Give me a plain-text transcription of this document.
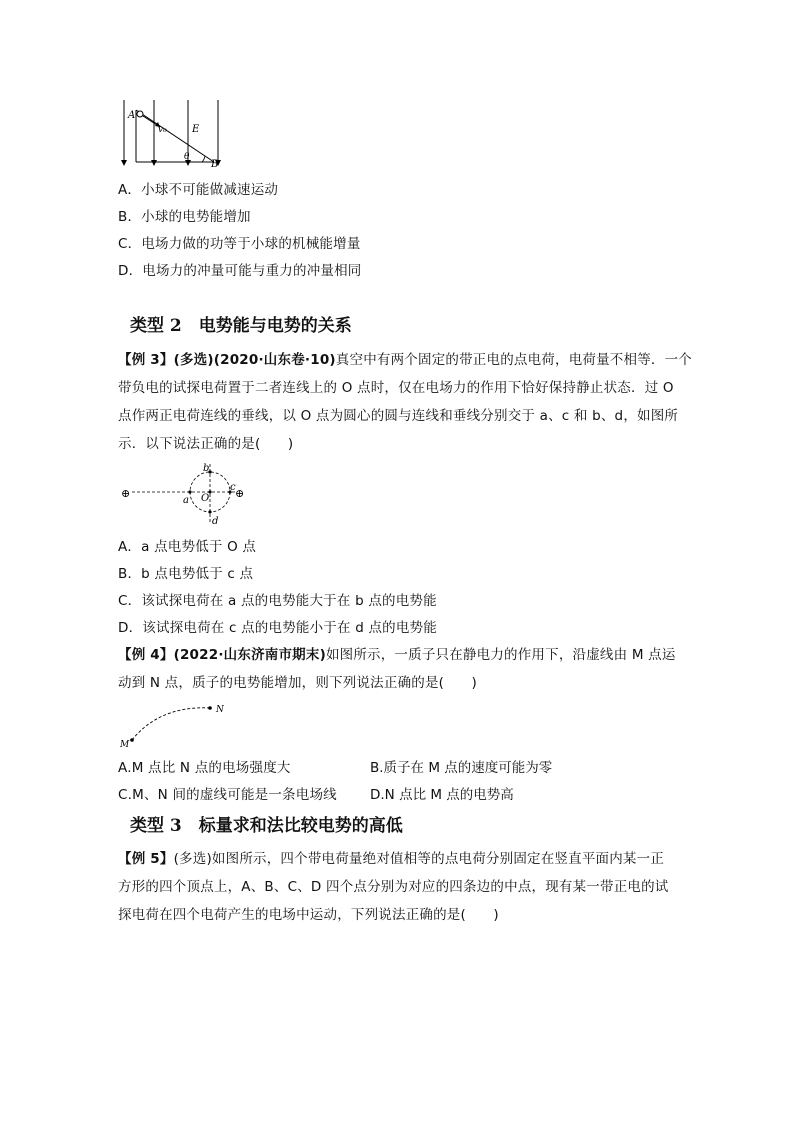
A
v₀	E
θ
B
A．小球不可能做减速运动
B．小球的电势能增加
C．电场力做的功等于小球的机械能增量
D．电场力的冲量可能与重力的冲量相同
类型 2　电势能与电势的关系
【例 3】(多选)(2020·山东卷·10)真空中有两个固定的带正电的点电荷，电荷量不相等．一个
带负电的试探电荷置于二者连线上的 O 点时，仅在电场力的作用下恰好保持静止状态．过 O
点作两正电荷连线的垂线，以 O 点为圆心的圆与连线和垂线分别交于 a、c 和 b、d，如图所
示．以下说法正确的是(　　)
⊕	⊕
a
b
c
d
O
A．a 点电势低于 O 点
B．b 点电势低于 c 点
C．该试探电荷在 a 点的电势能大于在 b 点的电势能
D．该试探电荷在 c 点的电势能小于在 d 点的电势能
【例 4】(2022·山东济南市期末)如图所示，一质子只在静电力的作用下，沿虚线由 M 点运
动到 N 点，质子的电势能增加，则下列说法正确的是(　　)
M
N
A.M 点比 N 点的电场强度大	B.质子在 M 点的速度可能为零
C.M、N 间的虚线可能是一条电场线 D.N 点比 M 点的电势高
类型 3　标量求和法比较电势的高低
【例 5】(多选)如图所示，四个带电荷量绝对值相等的点电荷分别固定在竖直平面内某一正
方形的四个顶点上，A、B、C、D 四个点分别为对应的四条边的中点，现有某一带正电的试
探电荷在四个电荷产生的电场中运动，下列说法正确的是(　　)
